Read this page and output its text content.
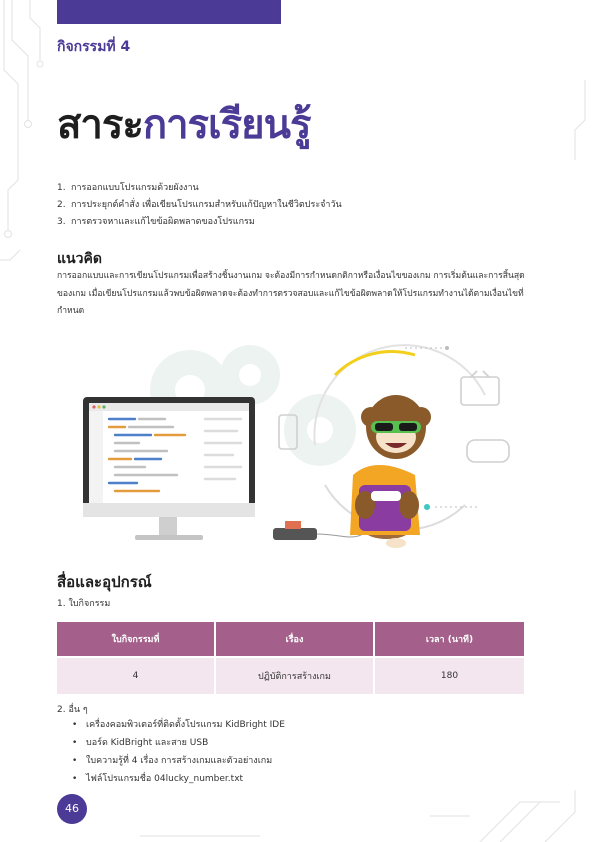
กิจกรรมที่ 4
สาระการเรียนรู้
1. การออกแบบโปรแกรมด้วยผังงาน
2. การประยุกต์คำสั่ง เพื่อเขียนโปรแกรมสำหรับแก้ปัญหาในชีวิตประจำวัน
3. การตรวจหาและแก้ไขข้อผิดพลาดของโปรแกรม
แนวคิด
การออกแบบและการเขียนโปรแกรมเพื่อสร้างชิ้นงานเกม จะต้องมีการกำหนดกติกาหรือเงื่อนไขของเกม การเริ่มต้นและการสิ้นสุดของเกม เมื่อเขียนโปรแกรมแล้วพบข้อผิดพลาดจะต้องทำการตรวจสอบและแก้ไขข้อผิดพลาดให้โปรแกรมทำงานได้ตามเงื่อนไขที่กำหนด
สื่อและอุปกรณ์
1. ใบกิจกรรม
ใบกิจกรรมที่	เรื่อง	เวลา (นาที)
4	ปฏิบัติการสร้างเกม	180
2. อื่น ๆ
• เครื่องคอมพิวเตอร์ที่ติดตั้งโปรแกรม KidBright IDE
• บอร์ด KidBright และสาย USB
• ใบความรู้ที่ 4 เรื่อง การสร้างเกมและตัวอย่างเกม
• ไฟล์โปรแกรมชื่อ 04lucky_number.txt
46
